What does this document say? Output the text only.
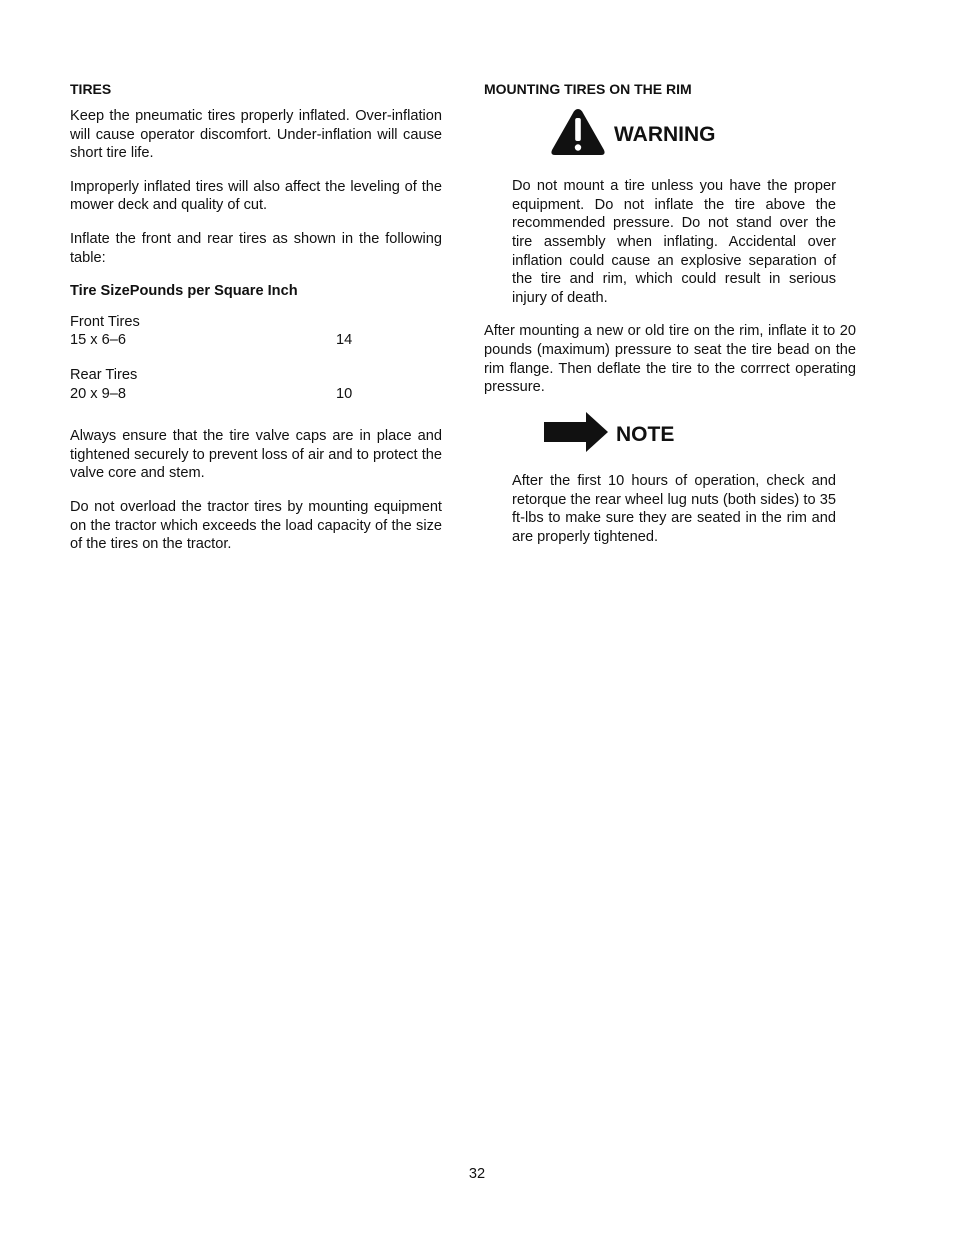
TIRES

Keep the pneumatic tires properly inflated. Over-inflation will cause operator discomfort. Under-inflation will cause short tire life.

Improperly inflated tires will also affect the leveling of the mower deck and quality of cut.

Inflate the front and rear tires as shown in the following table:

Tire SizePounds per Square Inch
Front Tires
15 x 6–6	14
Rear Tires
20 x 9–8	10

Always ensure that the tire valve caps are in place and tightened securely to prevent loss of air and to protect the valve core and stem.

Do not overload the tractor tires by mounting equipment on the tractor which exceeds the load capacity of the size of the tires on the tractor.

MOUNTING TIRES ON THE RIM
WARNING

Do not mount a tire unless you have the proper equipment. Do not inflate the tire above the recommended pressure. Do not stand over the tire assembly when inflating. Accidental over inflation could cause an explosive separation of the tire and rim, which could result in serious injury of death.

After mounting a new or old tire on the rim, inflate it to 20 pounds (maximum) pressure to seat the tire bead on the rim flange. Then deflate the tire to the corrrect operating pressure.

NOTE

After the first 10 hours of operation, check and retorque the rear wheel lug nuts (both sides) to 35 ft-lbs to make sure they are seated in the rim and are properly tightened.

32
